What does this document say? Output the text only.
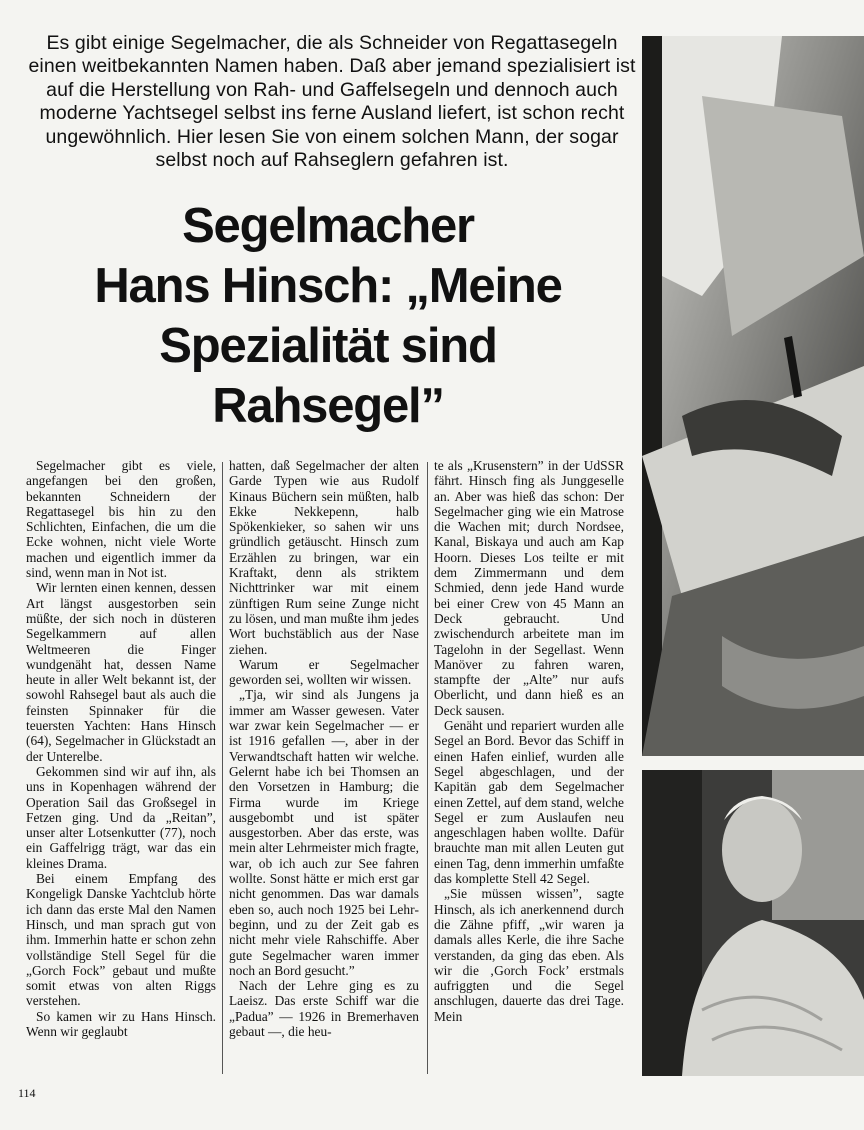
Es gibt einige Segelmacher, die als Schneider von Regattasegeln einen weitbekannten Namen haben. Daß aber jemand spezialisiert ist auf die Herstellung von Rah- und Gaffelsegeln und dennoch auch moderne Yachtsegel selbst ins ferne Ausland liefert, ist schon recht ungewöhnlich. Hier lesen Sie von einem solchen Mann, der sogar selbst noch auf Rahseglern gefahren ist.
Segelmacher
Hans Hinsch: „Meine
Spezialität sind
Rahsegel”

Segelmacher gibt es viele, angefangen bei den großen, bekannten Schneidern der Regattasegel bis hin zu den Schlichten, Einfachen, die um die Ecke wohnen, nicht viele Worte machen und eigentlich immer da sind, wenn man in Not ist.

Wir lernten einen kennen, dessen Art längst ausgestorben sein müßte, der sich noch in düsteren Segelkammern auf allen Weltmeeren die Finger wundgenäht hat, dessen Name heute in aller Welt bekannt ist, der sowohl Rahsegel baut als auch die feinsten Spinnaker für die teuersten Yachten: Hans Hinsch (64), Segelmacher in Glückstadt an der Unterelbe.

Gekommen sind wir auf ihn, als uns in Kopenhagen während der Operation Sail das Großsegel in Fetzen ging. Und da „Reitan”, unser alter Lotsenkutter (77), noch ein Gaffelrigg trägt, war das ein kleines Drama.

Bei einem Empfang des Kongeligk Danske Yachtclub hörte ich dann das erste Mal den Namen Hinsch, und man sprach gut von ihm. Immerhin hatte er schon zehn vollständige Stell Segel für die „Gorch Fock” gebaut und mußte somit etwas von alten Riggs verstehen.

So kamen wir zu Hans Hinsch. Wenn wir geglaubt

hatten, daß Segelmacher der alten Garde Typen wie aus Rudolf Kinaus Büchern sein müßten, halb Ekke Nekkepenn, halb Spökenkieker, so sahen wir uns gründlich getäuscht. Hinsch zum Erzählen zu bringen, war ein Kraftakt, denn als striktem Nichttrinker war mit einem zünftigen Rum seine Zunge nicht zu lösen, und man mußte ihm jedes Wort buchstäblich aus der Nase ziehen.

Warum er Segelmacher geworden sei, wollten wir wissen.

„Tja, wir sind als Jungens ja immer am Wasser gewesen. Vater war zwar kein Segelmacher — er ist 1916 gefallen —, aber in der Verwandtschaft hatten wir welche. Gelernt habe ich bei Thomsen an den Vorsetzen in Hamburg; die Firma wurde im Kriege ausgebombt und ist später ausgestorben. Aber das erste, was mein alter Lehrmeister mich fragte, war, ob ich auch zur See fahren wollte. Sonst hätte er mich erst gar nicht genommen. Das war damals eben so, auch noch 1925 bei Lehrbeginn, und zu der Zeit gab es nicht mehr viele Rahschiffe. Aber gute Segelmacher waren immer noch an Bord gesucht.”

Nach der Lehre ging es zu Laeisz. Das erste Schiff war die „Padua” — 1926 in Bremerhaven gebaut —, die heu-

te als „Krusenstern” in der UdSSR fährt. Hinsch fing als Junggeselle an. Aber was hieß das schon: Der Segelmacher ging wie ein Matrose die Wachen mit; durch Nordsee, Kanal, Biskaya und auch am Kap Hoorn. Dieses Los teilte er mit dem Zimmermann und dem Schmied, denn jede Hand wurde bei einer Crew von 45 Mann an Deck gebraucht. Und zwischendurch arbeitete man im Tagelohn in der Segellast. Wenn Manöver zu fahren waren, stampfte der „Alte” nur aufs Oberlicht, und dann hieß es an Deck sausen.

Genäht und repariert wurden alle Segel an Bord. Bevor das Schiff in einen Hafen einlief, wurden alle Segel abgeschlagen, und der Kapitän gab dem Segelmacher einen Zettel, auf dem stand, welche Segel er zum Auslaufen neu angeschlagen haben wollte. Dafür brauchte man mit allen Leuten gut einen Tag, denn immerhin umfaßte das komplette Stell 42 Segel.

„Sie müssen wissen”, sagte Hinsch, als ich anerkennend durch die Zähne pfiff, „wir waren ja damals alles Kerle, die ihre Sache verstanden, da ging das eben. Als wir die ‚Gorch Fock’ erstmals aufriggten und die Segel anschlugen, dauerte das drei Tage. Mein

114
